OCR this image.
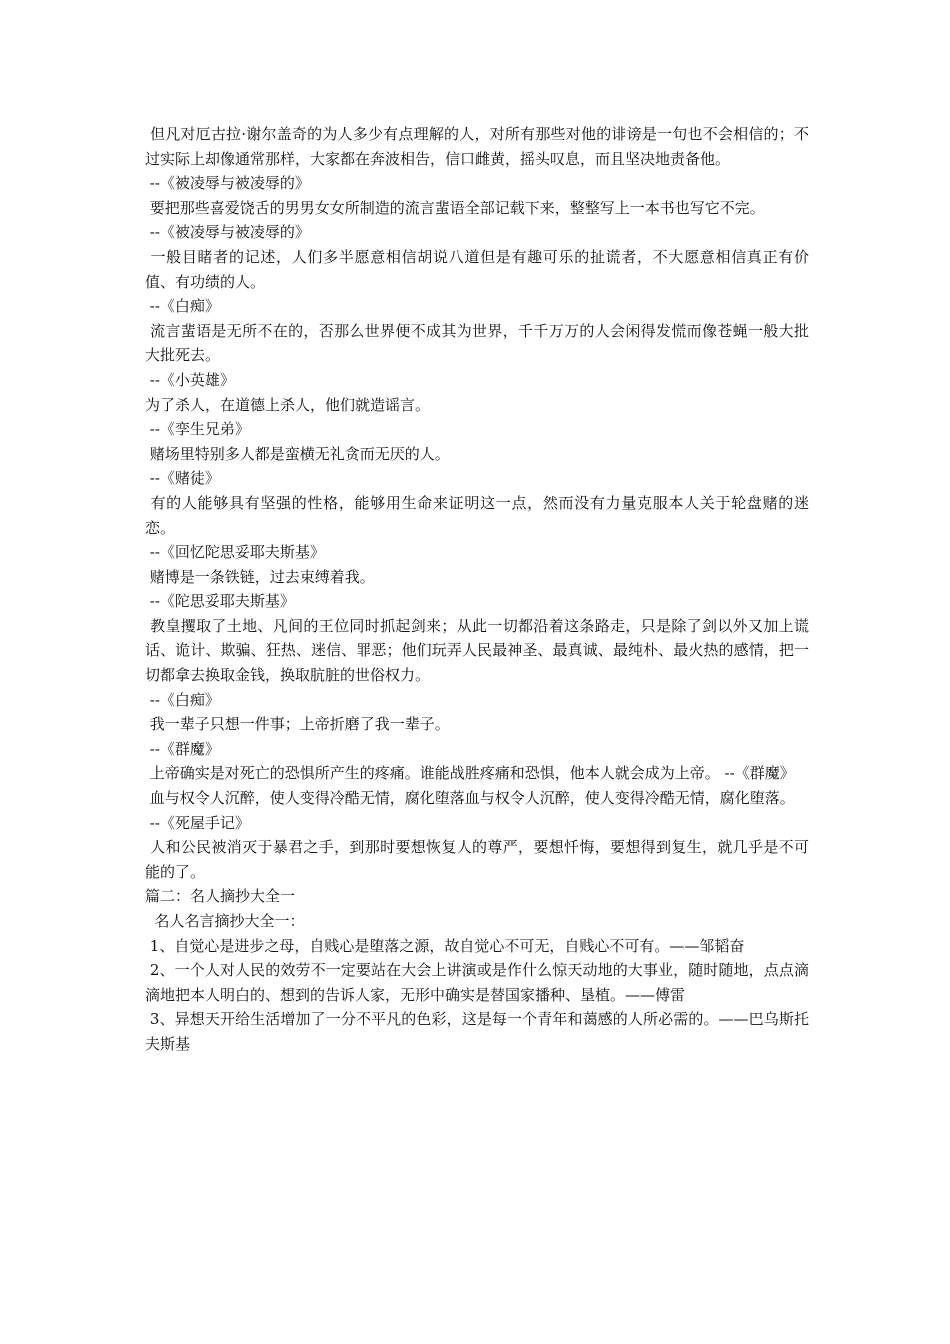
但凡对厄古拉·谢尔盖奇的为人多少有点理解的人，对所有那些对他的诽谤是一句也不会相信的；不过实际上却像通常那样，大家都在奔波相告，信口雌黄，摇头叹息，而且坚决地责备他。

--《被凌辱与被凌辱的》

要把那些喜爱饶舌的男男女女所制造的流言蜚语全部记载下来，整整写上一本书也写它不完。

--《被凌辱与被凌辱的》

一般目睹者的记述，人们多半愿意相信胡说八道但是有趣可乐的扯谎者，不大愿意相信真正有价值、有功绩的人。

--《白痴》

流言蜚语是无所不在的，否那么世界便不成其为世界，千千万万的人会闲得发慌而像苍蝇一般大批大批死去。

--《小英雄》

为了杀人，在道德上杀人，他们就造谣言。

--《孪生兄弟》

赌场里特别多人都是蛮横无礼贪而无厌的人。

--《赌徒》

有的人能够具有坚强的性格，能够用生命来证明这一点，然而没有力量克服本人关于轮盘赌的迷恋。

--《回忆陀思妥耶夫斯基》

赌博是一条铁链，过去束缚着我。

--《陀思妥耶夫斯基》

教皇攫取了土地、凡间的王位同时抓起剑来；从此一切都沿着这条路走，只是除了剑以外又加上谎话、诡计、欺骗、狂热、迷信、罪恶；他们玩弄人民最神圣、最真诚、最纯朴、最火热的感情，把一切都拿去换取金钱，换取肮脏的世俗权力。

--《白痴》

我一辈子只想一件事；上帝折磨了我一辈子。

--《群魔》

上帝确实是对死亡的恐惧所产生的疼痛。谁能战胜疼痛和恐惧，他本人就会成为上帝。 --《群魔》

血与权令人沉醉，使人变得冷酷无情，腐化堕落血与权令人沉醉，使人变得冷酷无情，腐化堕落。

--《死屋手记》

人和公民被消灭于暴君之手，到那时要想恢复人的尊严，要想忏悔，要想得到复生，就几乎是不可能的了。

篇二：名人摘抄大全一

名人名言摘抄大全一：

1、自觉心是进步之母，自贱心是堕落之源，故自觉心不可无，自贱心不可有。——邹韬奋

2、一个人对人民的效劳不一定要站在大会上讲演或是作什么惊天动地的大事业，随时随地，点点滴滴地把本人明白的、想到的告诉人家，无形中确实是替国家播种、垦植。——傅雷

3、异想天开给生活增加了一分不平凡的色彩，这是每一个青年和蔼感的人所必需的。——巴乌斯托夫斯基
